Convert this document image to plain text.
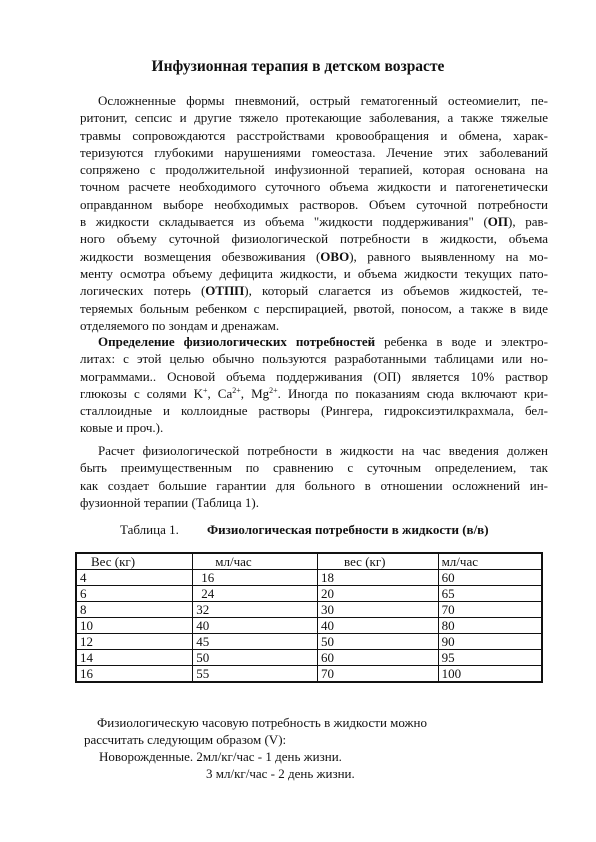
Инфузионная терапия в детском возрасте
Осложненные формы пневмоний, острый гематогенный остеомиелит, пе-
ритонит, сепсис и другие тяжело протекающие заболевания, а также тяжелые
травмы сопровождаются расстройствами кровообращения и обмена, харак-
теризуются глубокими нарушениями гомеостаза. Лечение этих заболеваний
сопряжено с продолжительной инфузионной терапией, которая основана на
точном расчете необходимого суточного объема жидкости и патогенетически
оправданном выборе необходимых растворов. Объем суточной потребности
в жидкости складывается из объема "жидкости поддерживания" (ОП), рав-
ного объему суточной физиологической потребности в жидкости, объема
жидкости возмещения обезвоживания (ОВО), равного выявленному на мо-
менту осмотра объему дефицита жидкости, и объема жидкости текущих пато-
логических потерь (ОТПП), который слагается из объемов жидкостей, те-
теряемых больным ребенком с перспирацией, рвотой, поносом, а также в виде
отделяемого по зондам и дренажам.
Определение физиологических потребностей ребенка в воде и электро-
литах: с этой целью обычно пользуются разработанными таблицами или но-
мограммами.. Основой объема поддерживания (ОП) является 10% раствор
глюкозы с солями K+, $Ca^{2+}$, $Mg^{2+}$. Иногда по показаниям сюда включают кри-
сталлоидные и коллоидные растворы (Рингера, гидроксиэтилкрахмала, бел-
ковые и проч.).
Расчет физиологической потребности в жидкости на час введения должен
быть преимущественным по сравнению с суточным определением, так
как создает большие гарантии для больного в отношении осложнений ин-
фузионной терапии (Таблица 1).
Таблица 1. Физиологическая потребности в жидкости (в/в)
Вес (кг)	мл/час	вес (кг)	мл/час
4	16	18	60
6	24	20	65
8	32	30	70
10	40	40	80
12	45	50	90
14	50	60	95
16	55	70	100
Физиологическую часовую потребность в жидкости можно
рассчитать следующим образом (V):
Новорожденные. 2мл/кг/час - 1 день жизни.
3 мл/кг/час - 2 день жизни.
